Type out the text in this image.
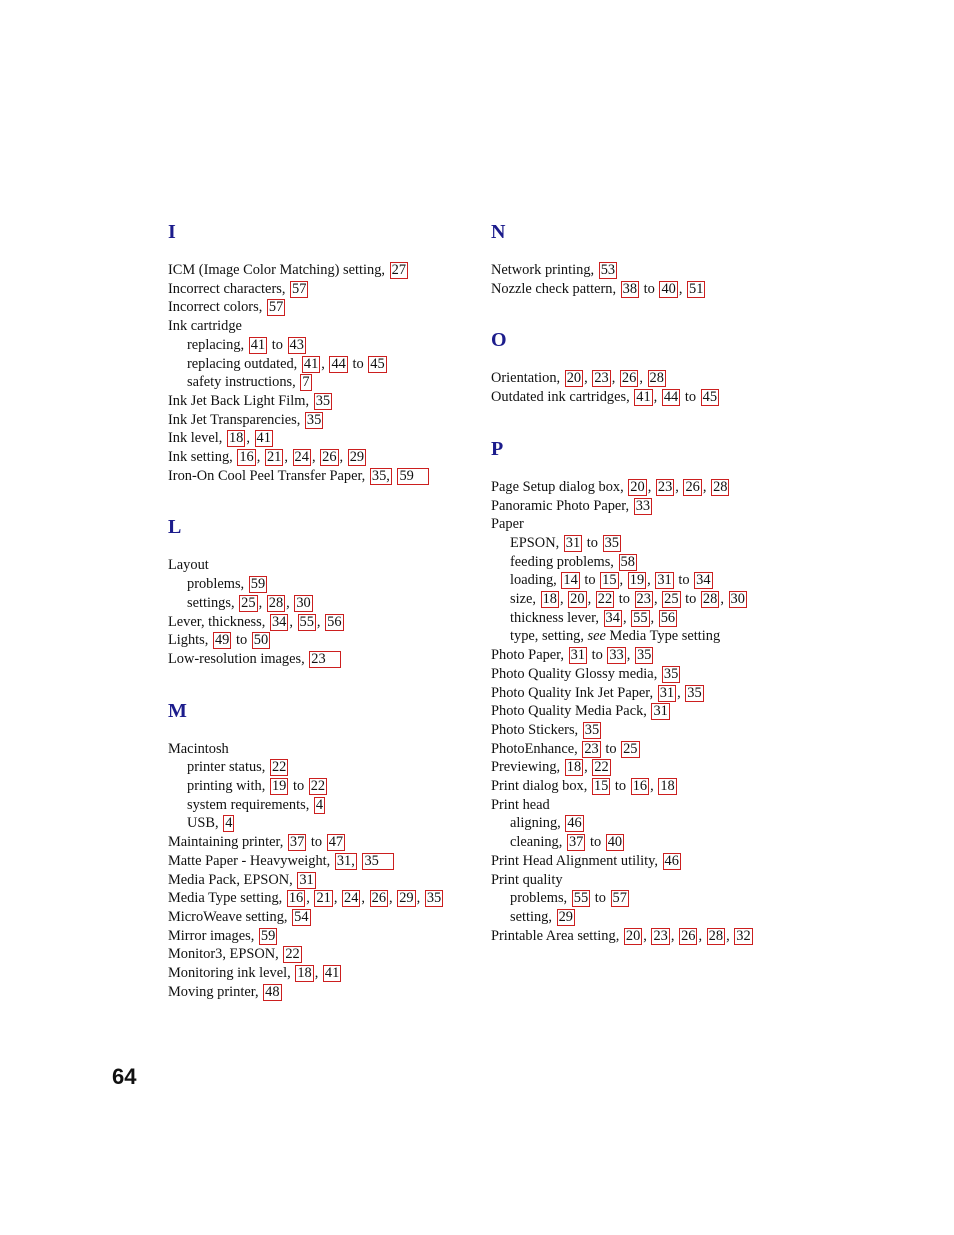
I
ICM (Image Color Matching) setting, 27
Incorrect characters, 57
Incorrect colors, 57
Ink cartridge
replacing, 41 to 43
replacing outdated, 41 , 44 to 45
safety instructions, 7
Ink Jet Back Light Film, 35
Ink Jet Transparencies, 35
Ink level, 18 , 41
Ink setting, 16 , 21 , 24 , 26 , 29
Iron-On Cool Peel Transfer Paper, 35, 59
L
Layout
problems, 59
settings, 25 , 28 , 30
Lever, thickness, 34 , 55 , 56
Lights, 49 to 50
Low-resolution images, 23
M
Macintosh
printer status, 22
printing with, 19 to 22
system requirements, 4
USB, 4
Maintaining printer, 37 to 47
Matte Paper - Heavyweight, 31, 35
Media Pack, EPSON, 31
Media Type setting, 16 , 21 , 24 , 26 , 29 , 35
MicroWeave setting, 54
Mirror images, 59
Monitor3, EPSON, 22
Monitoring ink level, 18 , 41
Moving printer, 48
N
Network printing, 53
Nozzle check pattern, 38 to 40 , 51
O
Orientation, 20 , 23 , 26 , 28
Outdated ink cartridges, 41 , 44 to 45
P
Page Setup dialog box, 20 , 23 , 26 , 28
Panoramic Photo Paper, 33
Paper
EPSON, 31 to 35
feeding problems, 58
loading, 14 to 15 , 19 , 31 to 34
size, 18 , 20 , 22 to 23 , 25 to 28 , 30
thickness lever, 34 , 55 , 56
type, setting, see Media Type setting
Photo Paper, 31 to 33 , 35
Photo Quality Glossy media, 35
Photo Quality Ink Jet Paper, 31 , 35
Photo Quality Media Pack, 31
Photo Stickers, 35
PhotoEnhance, 23 to 25
Previewing, 18 , 22
Print dialog box, 15 to 16 , 18
Print head
aligning, 46
cleaning, 37 to 40
Print Head Alignment utility, 46
Print quality
problems, 55 to 57
setting, 29
Printable Area setting, 20 , 23 , 26 , 28 , 32
64
